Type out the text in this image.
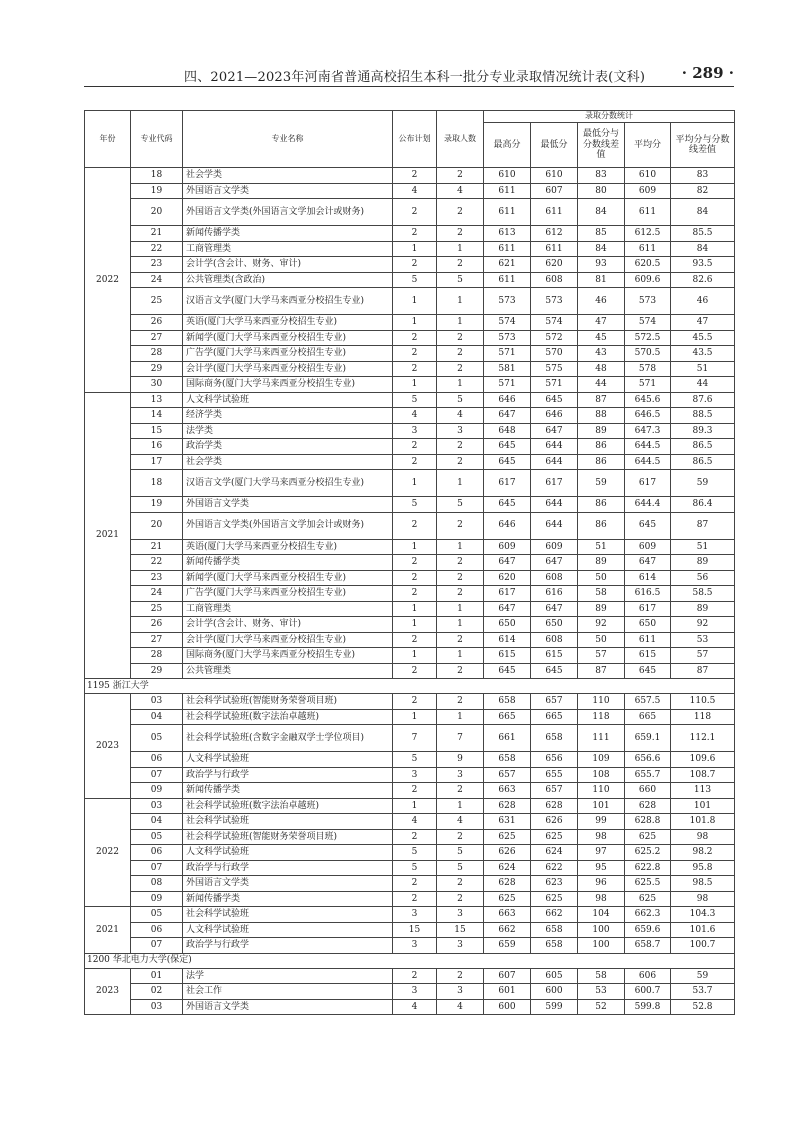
四、2021—2023年河南省普通高校招生本科一批分专业录取情况统计表(文科) · 289 ·
年份	专业代码	专业名称	公布计划	录取人数	录取分数统计				
					最高分	最低分	最低分与分数线差值	平均分	平均分与分数线差值
2022	18	社会学类	2	2	610	610	83	610	83
	19	外国语言文学类	4	4	611	607	80	609	82
	20	外国语言文学类(外国语言文学加会计或财务)	2	2	611	611	84	611	84
	21	新闻传播学类	2	2	613	612	85	612.5	85.5
	22	工商管理类	1	1	611	611	84	611	84
	23	会计学(含会计、财务、审计)	2	2	621	620	93	620.5	93.5
	24	公共管理类(含政治)	5	5	611	608	81	609.6	82.6
	25	汉语言文学(厦门大学马来西亚分校招生专业)	1	1	573	573	46	573	46
	26	英语(厦门大学马来西亚分校招生专业)	1	1	574	574	47	574	47
	27	新闻学(厦门大学马来西亚分校招生专业)	2	2	573	572	45	572.5	45.5
	28	广告学(厦门大学马来西亚分校招生专业)	2	2	571	570	43	570.5	43.5
	29	会计学(厦门大学马来西亚分校招生专业)	2	2	581	575	48	578	51
	30	国际商务(厦门大学马来西亚分校招生专业)	1	1	571	571	44	571	44
2021	13	人文科学试验班	5	5	646	645	87	645.6	87.6
	14	经济学类	4	4	647	646	88	646.5	88.5
	15	法学类	3	3	648	647	89	647.3	89.3
	16	政治学类	2	2	645	644	86	644.5	86.5
	17	社会学类	2	2	645	644	86	644.5	86.5
	18	汉语言文学(厦门大学马来西亚分校招生专业)	1	1	617	617	59	617	59
	19	外国语言文学类	5	5	645	644	86	644.4	86.4
	20	外国语言文学类(外国语言文学加会计或财务)	2	2	646	644	86	645	87
	21	英语(厦门大学马来西亚分校招生专业)	1	1	609	609	51	609	51
	22	新闻传播学类	2	2	647	647	89	647	89
	23	新闻学(厦门大学马来西亚分校招生专业)	2	2	620	608	50	614	56
	24	广告学(厦门大学马来西亚分校招生专业)	2	2	617	616	58	616.5	58.5
	25	工商管理类	1	1	647	647	89	617	89
	26	会计学(含会计、财务、审计)	1	1	650	650	92	650	92
	27	会计学(厦门大学马来西亚分校招生专业)	2	2	614	608	50	611	53
	28	国际商务(厦门大学马来西亚分校招生专业)	1	1	615	615	57	615	57
	29	公共管理类	2	2	645	645	87	645	87
1195 浙江大学									
2023	03	社会科学试验班(智能财务荣誉项目班)	2	2	658	657	110	657.5	110.5
	04	社会科学试验班(数字法治卓越班)	1	1	665	665	118	665	118
	05	社会科学试验班(含数字金融双学士学位项目)	7	7	661	658	111	659.1	112.1
	06	人文科学试验班	5	9	658	656	109	656.6	109.6
	07	政治学与行政学	3	3	657	655	108	655.7	108.7
	09	新闻传播学类	2	2	663	657	110	660	113
2022	03	社会科学试验班(数字法治卓越班)	1	1	628	628	101	628	101
	04	社会科学试验班	4	4	631	626	99	628.8	101.8
	05	社会科学试验班(智能财务荣誉项目班)	2	2	625	625	98	625	98
	06	人文科学试验班	5	5	626	624	97	625.2	98.2
	07	政治学与行政学	5	5	624	622	95	622.8	95.8
	08	外国语言文学类	2	2	628	623	96	625.5	98.5
	09	新闻传播学类	2	2	625	625	98	625	98
2021	05	社会科学试验班	3	3	663	662	104	662.3	104.3
	06	人文科学试验班	15	15	662	658	100	659.6	101.6
	07	政治学与行政学	3	3	659	658	100	658.7	100.7
1200 华北电力大学(保定)									
2023	01	法学	2	2	607	605	58	606	59
	02	社会工作	3	3	601	600	53	600.7	53.7
	03	外国语言文学类	4	4	600	599	52	599.8	52.8
